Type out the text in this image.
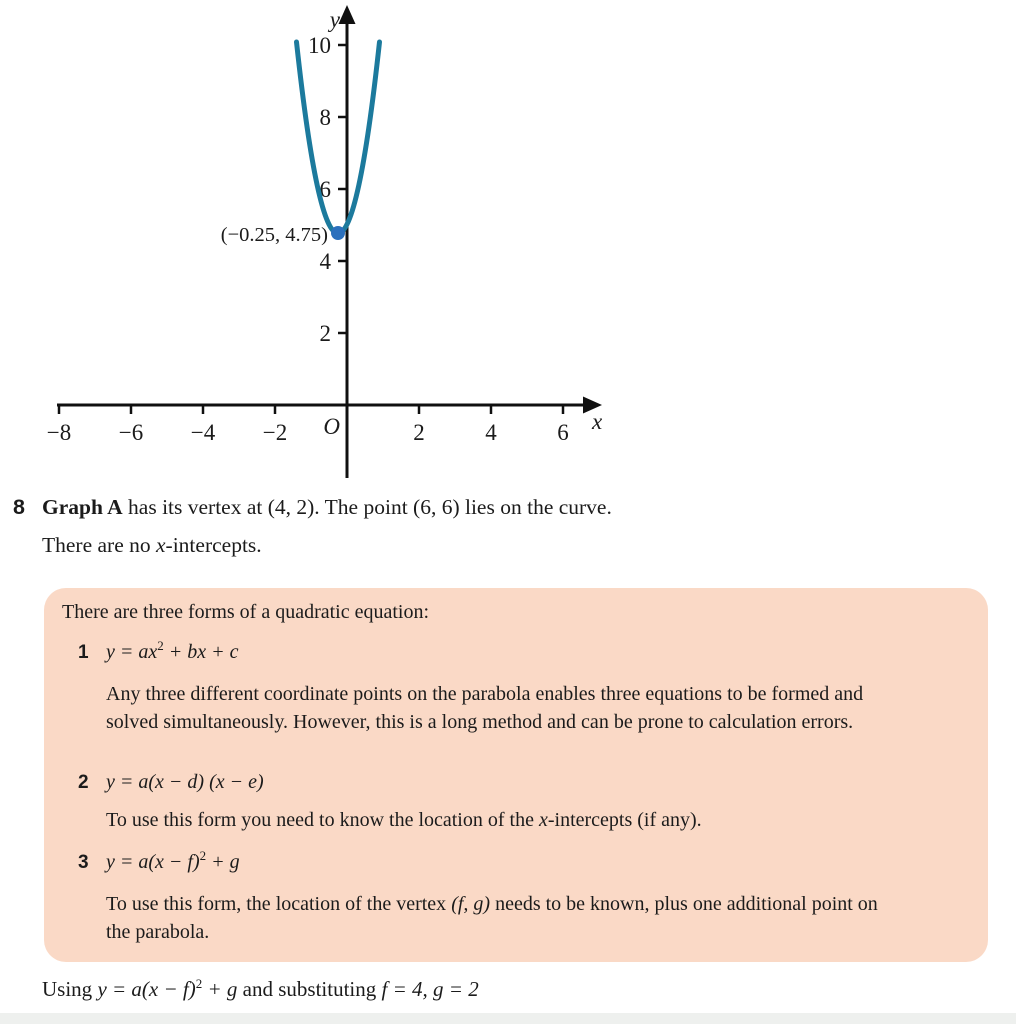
−8 −6 −4 −2	2	4	6
2
4
6
8
10
y
x
O
(−0.25, 4.75)
8 Graph A has its vertex at (4, 2). The point (6, 6) lies on the curve.
There are no x-intercepts.
There are three forms of a quadratic equation:
1 $y = ax^2$ + bx + c
Any three different coordinate points on the parabola enables three equations to be formed and solved simultaneously. However, this is a long method and can be prone to calculation errors.
2 y = a(x − d) (x − e)
To use this form you need to know the location of the x-intercepts (if any).
3 $y = a(x - f)^2 + g$
To use this form, the location of the vertex (f, g) needs to be known, plus one additional point on the parabola.
Using $y = a(x - f)^2 + g$ and substituting f = 4, g = 2
